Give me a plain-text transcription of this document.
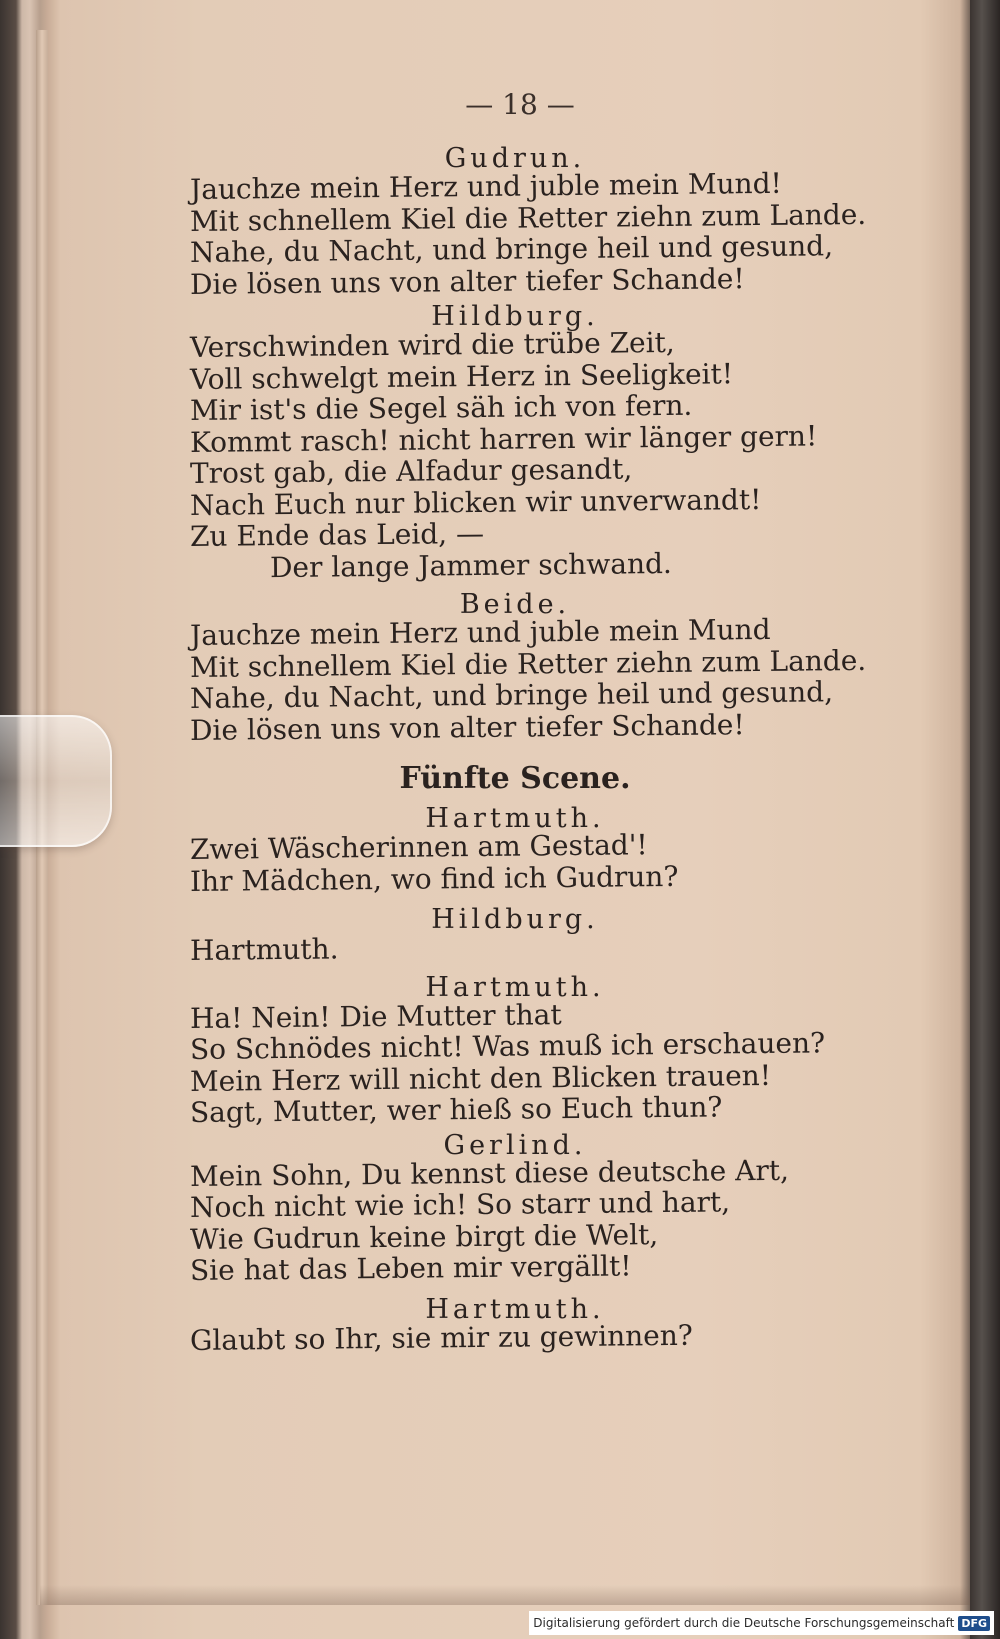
— 18 —
Gudrun.
Jauchze mein Herz und juble mein Mund!
Mit schnellem Kiel die Retter ziehn zum Lande.
Nahe, du Nacht, und bringe heil und gesund,
Die lösen uns von alter tiefer Schande!
Hildburg.
Verschwinden wird die trübe Zeit,
Voll schwelgt mein Herz in Seeligkeit!
Mir ist's die Segel säh ich von fern.
Kommt rasch! nicht harren wir länger gern!
Trost gab, die Alfadur gesandt,
Nach Euch nur blicken wir unverwandt!
Zu Ende das Leid, —
Der lange Jammer schwand.
Beide.
Jauchze mein Herz und juble mein Mund
Mit schnellem Kiel die Retter ziehn zum Lande.
Nahe, du Nacht, und bringe heil und gesund,
Die lösen uns von alter tiefer Schande!
Fünfte Scene.
Hartmuth.
Zwei Wäscherinnen am Gestad'!
Ihr Mädchen, wo find ich Gudrun?
Hildburg.
Hartmuth.
Hartmuth.
Ha! Nein! Die Mutter that
So Schnödes nicht! Was muß ich erschauen?
Mein Herz will nicht den Blicken trauen!
Sagt, Mutter, wer hieß so Euch thun?
Gerlind.
Mein Sohn, Du kennst diese deutsche Art,
Noch nicht wie ich! So starr und hart,
Wie Gudrun keine birgt die Welt,
Sie hat das Leben mir vergällt!
Hartmuth.
Glaubt so Ihr, sie mir zu gewinnen?
Digitalisierung gefördert durch die Deutsche Forschungsgemeinschaft DFG
